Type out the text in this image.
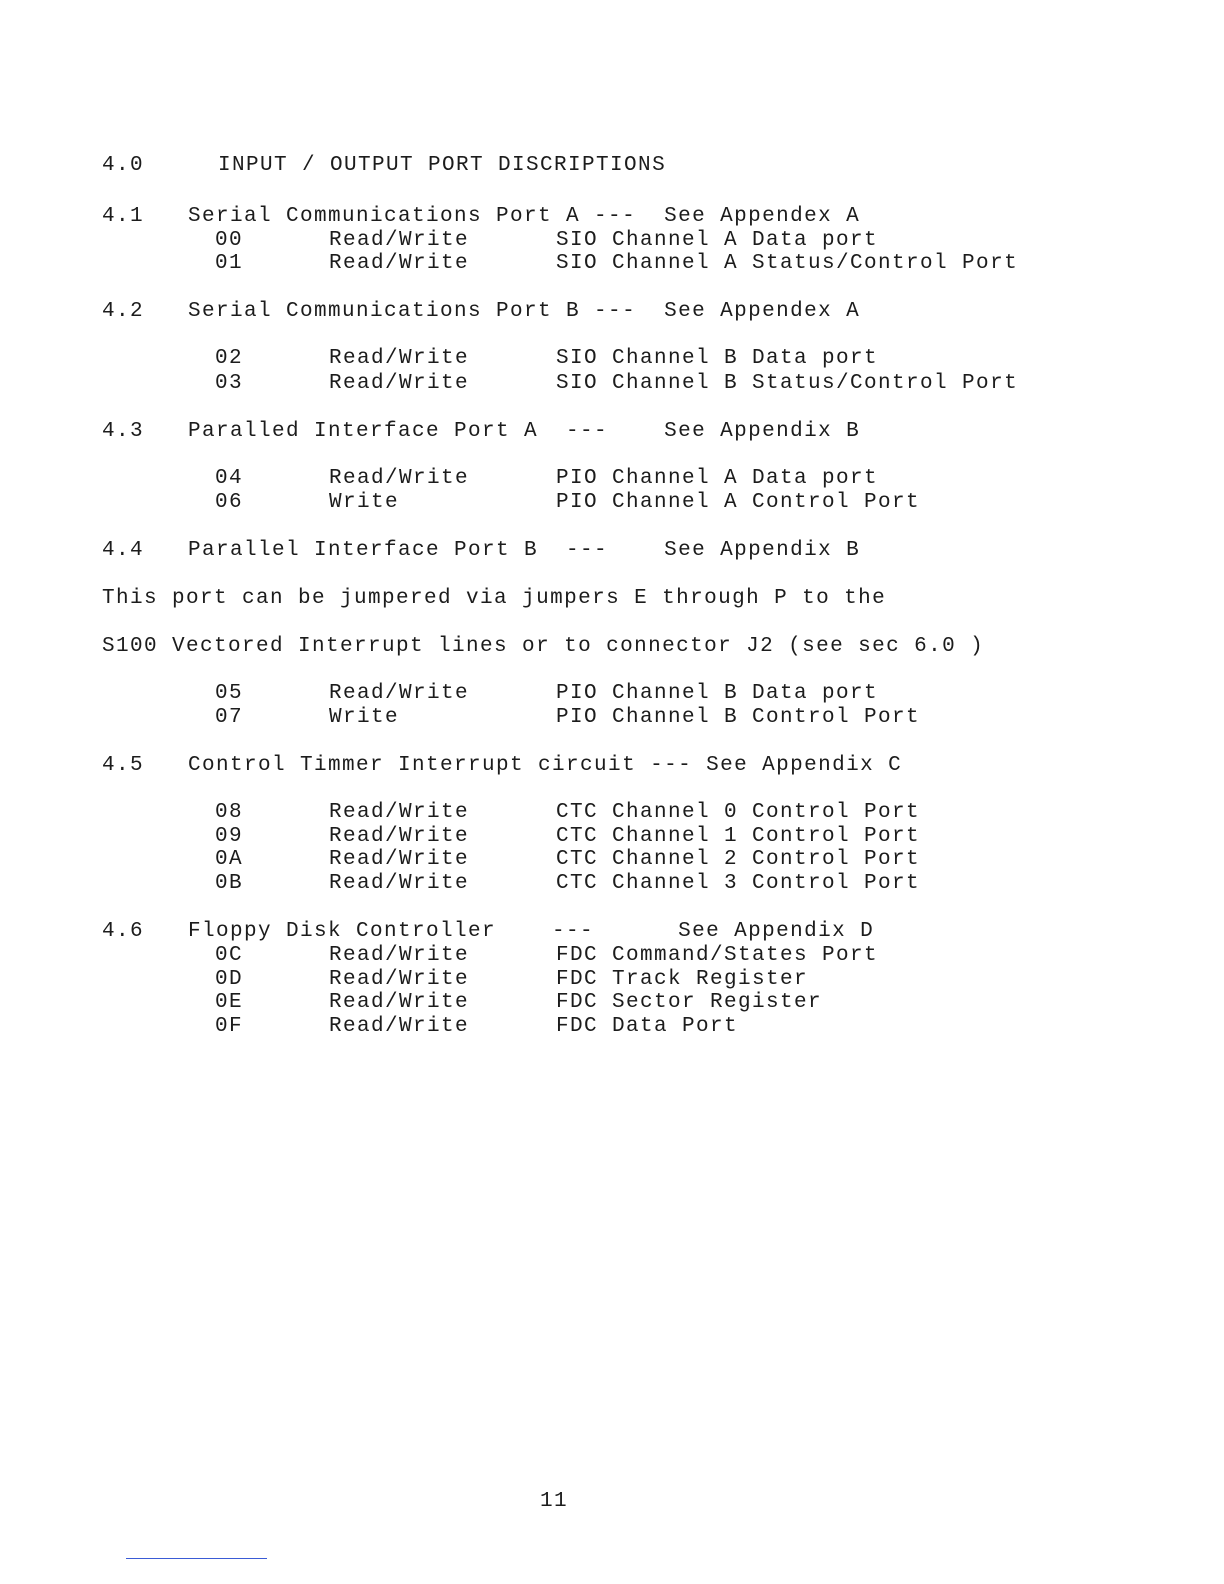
4.0	INPUT / OUTPUT PORT DISCRIPTIONS
4.1 Serial Communications Port A ---  See Appendex A
00	Read/Write	SIO Channel A Data port
01	Read/Write	SIO Channel A Status/Control Port
4.2 Serial Communications Port B ---  See Appendex A
02	Read/Write	SIO Channel B Data port
03	Read/Write	SIO Channel B Status/Control Port
4.3 Paralled Interface Port A  ---    See Appendix B
04	Read/Write	PIO Channel A Data port
06	Write	PIO Channel A Control Port
4.4 Parallel Interface Port B  ---    See Appendix B
This port can be jumpered via jumpers E through P to the
S100 Vectored Interrupt lines or to connector J2 (see sec 6.0 )
05	Read/Write	PIO Channel B Data port
07	Write	PIO Channel B Control Port
4.5 Control Timmer Interrupt circuit --- See Appendix C
08	Read/Write	CTC Channel 0 Control Port
09	Read/Write	CTC Channel 1 Control Port
0A	Read/Write	CTC Channel 2 Control Port
0B	Read/Write	CTC Channel 3 Control Port
4.6 Floppy Disk Controller    ---      See Appendix D
0C	Read/Write	FDC Command/States Port
0D	Read/Write	FDC Track Register
0E	Read/Write	FDC Sector Register
0F	Read/Write	FDC Data Port
11
